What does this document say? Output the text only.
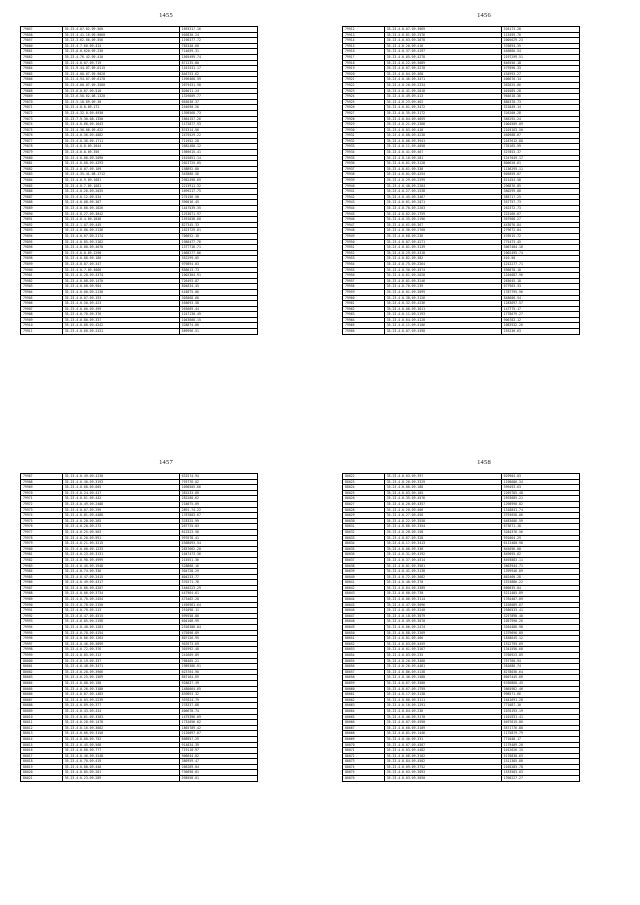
1455
79857	35.23.4.07.82.09.560	1693317.16
79858	35.23.4.41.16.09.9060	403830.24
79857	35.23.3.62.06.09.556	1196377.72
79860	35.23.4.7.60.09.414	765340.60
79861	35.23.8.0.020.09.230	714659.31
79862	35.23.4.76.42.09.410	1569499.74
79863	35.23.4.0.07.09.719	871235.80
79864	35.21.9.44.07.09.0115	1161531.17
79865	35.23.4.00.07.09.9020	846753.62
79866	35.21.4.94.07.09.6170	1596468.59
79867	35.23.4.00.07.09.3580	2679431.98
79868	35.23.8.0.07.09.510	826011.24
79869	35.23.6.50.62.08.1320	1329009.77
79870	35.23.5.10.69.09.30	663030.37
79871	35.23.4.0.8.09.272	254690.26
79872	35.23.4.32.0.09.4930	1398568.73
79873	35.23.7.9.30.08.1350	1664157.26
79874	35.23.4.0.68.09.1643	1172877.93
79875	35.23.4.36.08.09.622	874314.56
79876	35.23.4.0.36.09.4882	2475529.22
79877	35.23.4.0.36.09.1711	711952.20
79878	35.23.4.0.8.09.2044	2682480.12
79879	35.23.4.0.8.09.356	1989615.41
79880	35.23.4.0.08.09.2090	1615051.14
79881	35.23.4.0.68.09.4293	2023725.05
79882	35.23.4.0.07.09.189	158892.80
79883	35.23.4.35.41.08.1712	343888.56
79884	35.23.4.0.9.09.1681	2982498.69
79885	35.23.4.0.7.09.1681	2213911.32
79886	35.23.4.0.26.09.2035	1699217.75
79887	35.23.4.0.12.09.534	275156.50
79888	35.23.4.0.08.09.307	396016.45
79889	35.23.4.0.08.09.1026	1447539.35
79890	35.23.4.0.27.09.3842	1253071.97
79891	35.23.4.0.4.09.2848	1591038.68
79892	35.23.4.1.07.09.445	827345.33
79893	35.23.4.0.08.09.2136	1623729.01
79894	35.23.4.0.07.09.2174	706652.10
79895	35.23.4.0.85.09.2182	1980477.76
79896	35.23.4.0.80.09.4070	1377716.71
79897	35.23.4.0.8.09.2298	1668277.06
79898	35.23.4.0.88.09.180	352299.05
79899	35.23.4.0.07.09.347	979894.03
79900	35.23.4.0.7.09.4068	858613.73
79901	35.23.4.0.28.09.4374	1002304.91
79902	35.23.4.0.08.09.1470	726493.87
79903	35.23.4.0.08.09.904	804834.45
79904	35.23.4.0.00.09.2130	418075.06
79905	35.23.4.0.07.09.193	303868.60
79906	35.23.4.0.50.09.423	558693.58
79907	35.23.4.0.60.09.499	263669.44
79908	35.23.4.0.70.09.376	1247130.49
79909	35.23.4.0.80.09.337	1043600.15
79910	35.23.4.0.08.09.4242	328874.80
79911	35.23.4.0.60.09.2431	589996.51
1456
79912	35.23.4.0.07.09.3069	326173.28
79913	35.23.4.0.01.09.2576	113499.70
79914	35.23.4.0.03.09.2678	2005629.23
79915	35.23.4.0.20.09.416	376894.35
79916	35.23.4.0.37.09.4197	446866.54
79917	35.23.4.0.85.09.4278	2197299.51
79918	35.23.4.0.22.09.3089	846556.18
79919	35.23.4.0.07.09.4278	479590.33
79920	35.23.4.0.04.09.468	434993.27
79921	35.23.4.0.46.09.3471	406670.14
79922	35.23.4.0.20.09.2234	362825.06
79923	35.23.4.0.41.09.2018	401085.28
79924	35.23.4.0.49.09.413	964618.36
79925	35.23.4.0.23.09.462	886378.73
79926	35.23.4.0.01.09.3472	321849.14
79927	35.23.4.0.35.09.3172	326200.28
79928	35.23.4.0.04.09.4059	385292.24
79929	35.23.4.0.21.09.2368	1004509.09
79930	35.23.4.0.03.09.416	2103163.50
79931	35.23.4.0.08.09.4238	460988.67
79932	35.23.4.0.08.09.3941	2187612.80
79933	35.23.4.0.11.09.4058	735165.59
79934	35.23.4.0.41.09.467	327853.37
79935	35.23.4.0.10.09.281	1247049.17
79936	35.23.4.0.01.09.3128	806620.61
79937	35.23.4.0.61.09.338	1136295.11
79938	35.23.4.0.01.09.4254	605859.07
79939	35.23.4.0.29.09.2299	621454.58
79940	35.23.4.0.48.09.2284	296876.85
79941	35.23.4.0.27.09.2538	380299.08
79942	35.23.4.0.45.09.3467	385717.25
79943	35.23.4.0.01.09.2071	357757.73
79944	35.23.4.0.70.09.2263	262372.73
79945	35.23.4.0.02.09.1759	223166.67
79946	35.23.4.0.35.09.2196	367968.27
79947	35.23.4.0.61.09.367	443076.84
79948	35.23.4.0.36.09.2760	279672.84
79949	35.23.4.0.68.09.236	476915.72
79950	35.23.4.0.07.09.4271	775473.45
79951	35.23.4.0.01.09.3139	3067404.16
79952	35.23.4.0.29.09.4318	2002495.74
79953	35.23.4.0.82.09.382	410.50
79954	35.23.4.0.75.09.2264	1212277.71
79955	35.23.4.0.30.09.4574	596878.10
79956	35.23.4.0.61.09.2028	1104087.96
79957	35.23.4.0.01.09.3246	263645.18
79958	35.23.4.0.76.09.239	677903.33
79959	35.23.4.0.01.09.3099	1787795.96
79960	35.23.4.0.38.09.3126	848606.54
79961	35.23.4.0.32.09.4236	1283697.57
79962	35.23.4.0.08.09.3011	147775.17
79963	35.23.4.0.11.09.2193	1778679.27
79964	35.23.4.0.64.09.4128	906783.12
79965	35.23.4.0.11.09.4106	1083932.26
79966	35.23.4.0.07.09.4398	255236.63
1457
79967	35.23.4.0.49.09.4130	631574.94
79968	35.23.4.0.40.09.3193	793776.02
79969	35.23.4.0.08.09.605	1098505.66
79970	35.23.4.0.24.09.417	381533.89
79971	35.23.4.0.61.09.442	282288.62
79972	35.23.4.0.49.09.2488	218075.09
79973	35.23.4.0.07.09.299	2891.74.22
79974	35.23.4.0.81.09.4488	1787803.67
79975	35.23.4.0.20.09.265	378325.99
79976	35.23.4.0.20.09.273	267725.03
79977	35.23.4.0.25.09.563	812523.56
79978	35.23.4.0.20.09.991	997678.41
79979	35.23.4.0.21.09.3215	4368093.54
79980	35.23.4.0.08.09.1233	2837662.20
79981	35.23.4.0.23.09.3131	1047473.36
79982	35.23.4.0.98.09.4999	215551.36
79983	35.23.4.0.45.09.1948	528868.16
79984	35.23.4.0.74.09.336	304728.29
79985	35.23.4.0.47.09.2415	804233.77
79986	35.23.4.0.49.09.4317	370271.78
79987	35.23.4.0.80.09.4207	1640223.29
79988	35.23.4.0.06.09.3734	447964.61
79989	35.23.4.0.70.09.2454	473462.20
79990	35.23.4.0.78.09.2150	1456961.64
79991	35.23.4.0.78.09.213	251098.11
79992	35.23.4.0.47.09.4515	699558.80
79993	35.23.4.0.85.09.2198	604108.99
79994	35.23.4.0.48.09.1283	2326308.04
79995	35.23.4.0.78.09.4154	475098.89
79996	35.23.4.0.06.09.1263	807126.95
79997	35.23.4.0.46.09.3099	907673.69
79998	35.23.4.0.72.09.376	301992.48
79999	35.23.4.0.85.09.313	241609.89
80000	35.23.4.0.19.09.337	768405.21
80001	35.23.4.0.48.09.3471	1989386.91
80002	35.23.4.0.28.09.3966	623764.90
80003	35.23.4.0.25.09.1569	867164.69
80004	35.23.4.0.08.09.158	928837.39
80005	35.23.4.0.26.09.3180	1480664.65
80006	35.23.4.0.07.09.1483	839893.32
80007	35.23.4.0.03.09.2239	397624.79
80008	35.23.4.0.89.09.377	278337.88
80009	35.23.4.0.43.09.434	406678.74
80010	35.23.4.0.61.09.3283	1479396.69
80011	35.23.4.0.28.09.1478	1732656.62
80012	35.23.4.0.16.09.3682	1865709.42
80013	35.23.4.0.06.09.3150	2120097.67
80014	35.23.4.0.08.09.752	668957.29
80015	35.23.4.0.45.09.568	914834.39
80016	35.23.4.0.08.09.777	719110.97
80017	35.23.4.0.46.09.3248	906644.02
80018	35.23.4.0.70.09.419	386959.47
80019	35.23.4.0.88.09.440	266289.84
80020	35.23.4.0.85.09.261	736690.81
80021	35.23.4.0.23.09.289	398598.01
1458
80022	35.23.4.0.03.09.397	629904.03
80023	35.23.4.0.26.09.3329	1198686.34
80024	35.23.4.0.00.09.180	399493.63
80025	35.23.4.0.03.09.185	2269785.48
80026	35.23.4.0.35.09.4576	2593685.21
80027	35.23.4.0.20.09.4357	1298990.82
80028	35.23.4.0.20.09.406	1318841.74
80029	35.23.4.0.27.09.458	3793058.06
80030	35.23.4.0.22.09.3558	6483686.59
80031	35.23.4.0.86.09.3354	673671.18
80032	35.23.4.0.20.09.158	3284376.56
80033	35.23.4.0.67.09.328	991064.29
80034	35.23.4.0.17.09.3413	6113480.90
80035	35.23.4.0.08.09.336	845696.80
80036	35.23.4.0.31.09.4192	849095.62
80037	35.23.4.0.37.09.4514	8493883.11
80038	35.23.4.0.01.09.3581	3863944.71
80039	35.23.4.0.41.09.3138	1399946.89
80040	35.23.4.0.72.09.3082	862460.28
80041	35.23.4.0.40.09.370	2374886.22
80042	35.23.4.0.84.09.3309	666035.84
80043	35.23.4.0.00.09.730	5211485.89
80044	35.23.4.0.06.09.3114	1764407.09
80045	35.23.4.0.47.09.3096	1528089.07
80046	35.23.4.0.45.09.3240	2586533.41
80047	35.23.4.0.18.09.3079	3257898.40
80048	35.23.4.0.49.09.3070	1057998.26
80049	35.23.4.0.06.09.2474	3264486.98
80050	35.23.4.0.88.09.3269	1379696.89
80051	35.23.4.0.81.09.466	1838645.12
80052	35.23.4.0.03.09.4459	1312795.69
80053	35.23.4.0.01.09.3167	1341556.60
80054	35.23.4.0.03.09.235	3760923.89
80055	35.23.4.0.20.09.3488	757760.94
80056	35.23.4.0.26.09.4481	381686.74
80057	35.23.4.0.86.09.4138	8278036.64
80058	35.23.4.0.46.09.2488	6607445.66
80059	35.23.4.0.67.09.3580	6760860.45
80060	35.23.4.0.67.09.1759	3865982.46
80061	35.23.4.0.17.09.3138	998571.66
80062	35.23.4.0.80.09.3111	1641691.28
80063	35.23.4.0.10.09.1291	771087.10
80064	35.23.4.0.04.09.236	1070193.19
80065	35.23.4.0.40.09.3170	1101931.41
80066	35.23.4.0.07.09.4590	6497615.86
80067	35.23.4.0.60.09.3109	3571776.80
80068	35.23.4.0.01.09.1446	1175879.79
80069	35.23.4.0.40.09.331	771048.17
80070	35.23.4.0.07.09.4507	1179409.20
80071	35.23.4.0.03.09.4482	1012626.15
80072	35.23.4.0.08.09.3162	5170830.65
80073	35.23.4.0.84.09.4502	1511385.80
80074	35.23.4.0.09.09.3752	2165283.70
80075	35.23.4.0.03.09.3093	1533583.03
80076	35.23.4.0.03.09.3050	1390227.27
